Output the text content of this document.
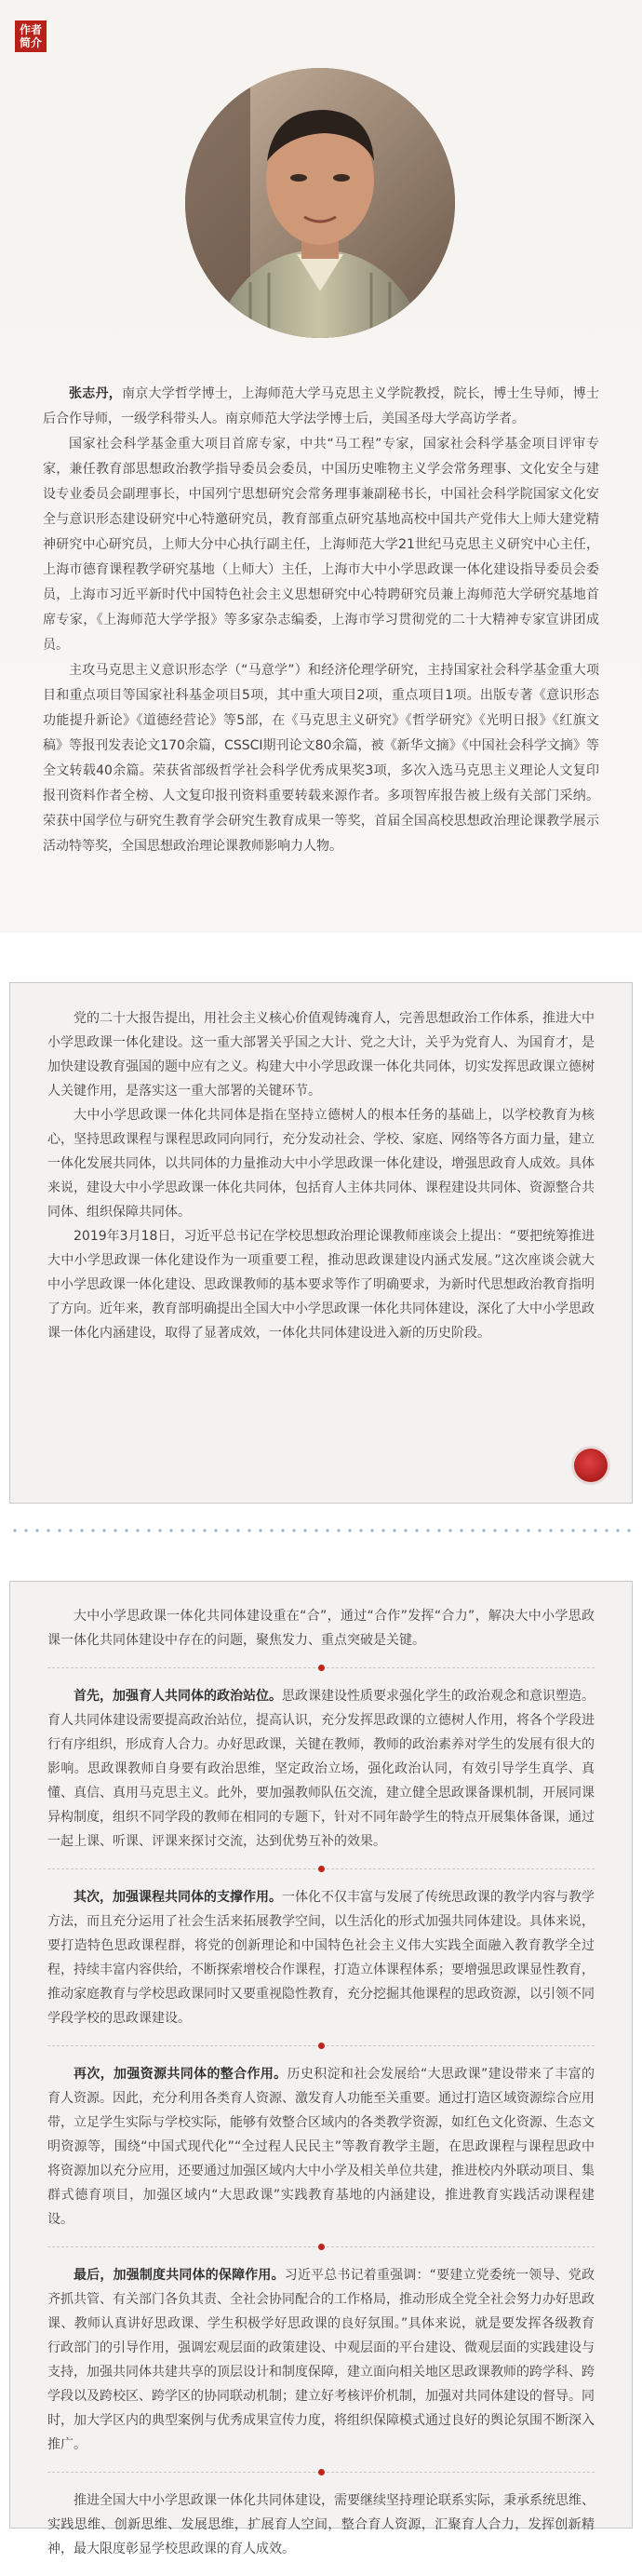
作者
简介

张志丹，南京大学哲学博士，上海师范大学马克思主义学院教授，院长，博士生导师，博士后合作导师，一级学科带头人。南京师范大学法学博士后，美国圣母大学高访学者。

国家社会科学基金重大项目首席专家，中共“马工程”专家，国家社会科学基金项目评审专家，兼任教育部思想政治教学指导委员会委员，中国历史唯物主义学会常务理事、文化安全与建设专业委员会副理事长，中国列宁思想研究会常务理事兼副秘书长，中国社会科学院国家文化安全与意识形态建设研究中心特邀研究员，教育部重点研究基地高校中国共产党伟大上师大建党精神研究中心研究员，上师大分中心执行副主任，上海师范大学21世纪马克思主义研究中心主任，上海市德育课程教学研究基地（上师大）主任，上海市大中小学思政课一体化建设指导委员会委员，上海市习近平新时代中国特色社会主义思想研究中心特聘研究员兼上海师范大学研究基地首席专家，《上海师范大学学报》等多家杂志编委，上海市学习贯彻党的二十大精神专家宣讲团成员。

主攻马克思主义意识形态学（“马意学”）和经济伦理学研究，主持国家社会科学基金重大项目和重点项目等国家社科基金项目5项，其中重大项目2项，重点项目1项。出版专著《意识形态功能提升新论》《道德经营论》等5部，在《马克思主义研究》《哲学研究》《光明日报》《红旗文稿》等报刊发表论文170余篇，CSSCI期刊论文80余篇，被《新华文摘》《中国社会科学文摘》等全文转载40余篇。荣获省部级哲学社会科学优秀成果奖3项，多次入选马克思主义理论人文复印报刊资料作者全榜、人文复印报刊资料重要转载来源作者。多项智库报告被上级有关部门采纳。荣获中国学位与研究生教育学会研究生教育成果一等奖，首届全国高校思想政治理论课教学展示活动特等奖，全国思想政治理论课教师影响力人物。

党的二十大报告提出，用社会主义核心价值观铸魂育人，完善思想政治工作体系，推进大中小学思政课一体化建设。这一重大部署关乎国之大计、党之大计，关乎为党育人、为国育才，是加快建设教育强国的题中应有之义。构建大中小学思政课一体化共同体，切实发挥思政课立德树人关键作用，是落实这一重大部署的关键环节。

大中小学思政课一体化共同体是指在坚持立德树人的根本任务的基础上，以学校教育为核心，坚持思政课程与课程思政同向同行，充分发动社会、学校、家庭、网络等各方面力量，建立一体化发展共同体，以共同体的力量推动大中小学思政课一体化建设，增强思政育人成效。具体来说，建设大中小学思政课一体化共同体，包括育人主体共同体、课程建设共同体、资源整合共同体、组织保障共同体。

2019年3月18日，习近平总书记在学校思想政治理论课教师座谈会上提出：“要把统筹推进大中小学思政课一体化建设作为一项重要工程，推动思政课建设内涵式发展。”这次座谈会就大中小学思政课一体化建设、思政课教师的基本要求等作了明确要求，为新时代思想政治教育指明了方向。近年来，教育部明确提出全国大中小学思政课一体化共同体建设，深化了大中小学思政课一体化内涵建设，取得了显著成效，一体化共同体建设进入新的历史阶段。

大中小学思政课一体化共同体建设重在“合”，通过“合作”发挥“合力”，解决大中小学思政课一体化共同体建设中存在的问题，聚焦发力、重点突破是关键。

首先，加强育人共同体的政治站位。思政课建设性质要求强化学生的政治观念和意识塑造。育人共同体建设需要提高政治站位，提高认识，充分发挥思政课的立德树人作用，将各个学段进行有序组织，形成育人合力。办好思政课，关键在教师，教师的政治素养对学生的发展有很大的影响。思政课教师自身要有政治思维，坚定政治立场，强化政治认同，有效引导学生真学、真懂、真信、真用马克思主义。此外，要加强教师队伍交流，建立健全思政课备课机制，开展同课异构制度，组织不同学段的教师在相同的专题下，针对不同年龄学生的特点开展集体备课，通过一起上课、听课、评课来探讨交流，达到优势互补的效果。

其次，加强课程共同体的支撑作用。一体化不仅丰富与发展了传统思政课的教学内容与教学方法，而且充分运用了社会生活来拓展教学空间，以生活化的形式加强共同体建设。具体来说，要打造特色思政课程群，将党的创新理论和中国特色社会主义伟大实践全面融入教育教学全过程，持续丰富内容供给，不断探索增校合作课程，打造立体课程体系；要增强思政课显性教育，推动家庭教育与学校思政课同时又要重视隐性教育，充分挖掘其他课程的思政资源，以引领不同学段学校的思政课建设。

再次，加强资源共同体的整合作用。历史积淀和社会发展给“大思政课”建设带来了丰富的育人资源。因此，充分利用各类育人资源、激发育人功能至关重要。通过打造区域资源综合应用带，立足学生实际与学校实际，能够有效整合区域内的各类教学资源，如红色文化资源、生态文明资源等，围绕“中国式现代化”“全过程人民民主”等教育教学主题，在思政课程与课程思政中将资源加以充分应用，还要通过加强区域内大中小学及相关单位共建，推进校内外联动项目、集群式德育项目，加强区域内“大思政课”实践教育基地的内涵建设，推进教育实践活动课程建设。

最后，加强制度共同体的保障作用。习近平总书记着重强调：“要建立党委统一领导、党政齐抓共管、有关部门各负其责、全社会协同配合的工作格局，推动形成全党全社会努力办好思政课、教师认真讲好思政课、学生积极学好思政课的良好氛围。”具体来说，就是要发挥各级教育行政部门的引导作用，强调宏观层面的政策建设、中观层面的平台建设、微观层面的实践建设与支持，加强共同体共建共享的顶层设计和制度保障，建立面向相关地区思政课教师的跨学科、跨学段以及跨校区、跨学区的协同联动机制；建立好考核评价机制，加强对共同体建设的督导。同时，加大学区内的典型案例与优秀成果宣传力度，将组织保障模式通过良好的舆论氛围不断深入推广。

推进全国大中小学思政课一体化共同体建设，需要继续坚持理论联系实际，秉承系统思维、实践思维、创新思维、发展思维，扩展育人空间，整合育人资源，汇聚育人合力，发挥创新精神，最大限度彰显学校思政课的育人成效。
